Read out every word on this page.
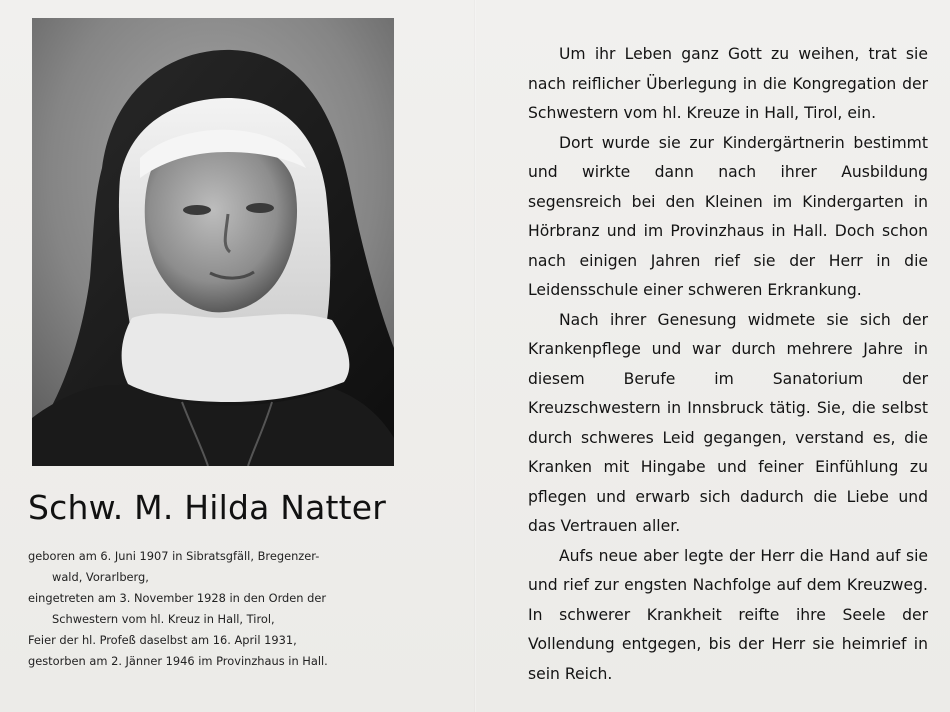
Schw. M. Hilda Natter

geboren am 6. Juni 1907 in Sibratsgfäll, Bregenzer-

wald, Vorarlberg,

eingetreten am 3. November 1928 in den Orden der

Schwestern vom hl. Kreuz in Hall, Tirol,

Feier der hl. Profeß daselbst am 16. April 1931,

gestorben am 2. Jänner 1946 im Provinzhaus in Hall.

Um ihr Leben ganz Gott zu weihen, trat sie nach reiflicher Überlegung in die Kongregation der Schwestern vom hl. Kreuze in Hall, Tirol, ein.

Dort wurde sie zur Kindergärtnerin bestimmt und wirkte dann nach ihrer Ausbildung segensreich bei den Kleinen im Kindergarten in Hörbranz und im Provinzhaus in Hall. Doch schon nach einigen Jahren rief sie der Herr in die Leidensschule einer schweren Erkrankung.

Nach ihrer Genesung widmete sie sich der Krankenpflege und war durch mehrere Jahre in diesem Berufe im Sanatorium der Kreuzschwestern in Innsbruck tätig. Sie, die selbst durch schweres Leid gegangen, verstand es, die Kranken mit Hingabe und feiner Einfühlung zu pflegen und erwarb sich dadurch die Liebe und das Vertrauen aller.

Aufs neue aber legte der Herr die Hand auf sie und rief zur engsten Nachfolge auf dem Kreuzweg. In schwerer Krankheit reifte ihre Seele der Vollendung entgegen, bis der Herr sie heimrief in sein Reich.
